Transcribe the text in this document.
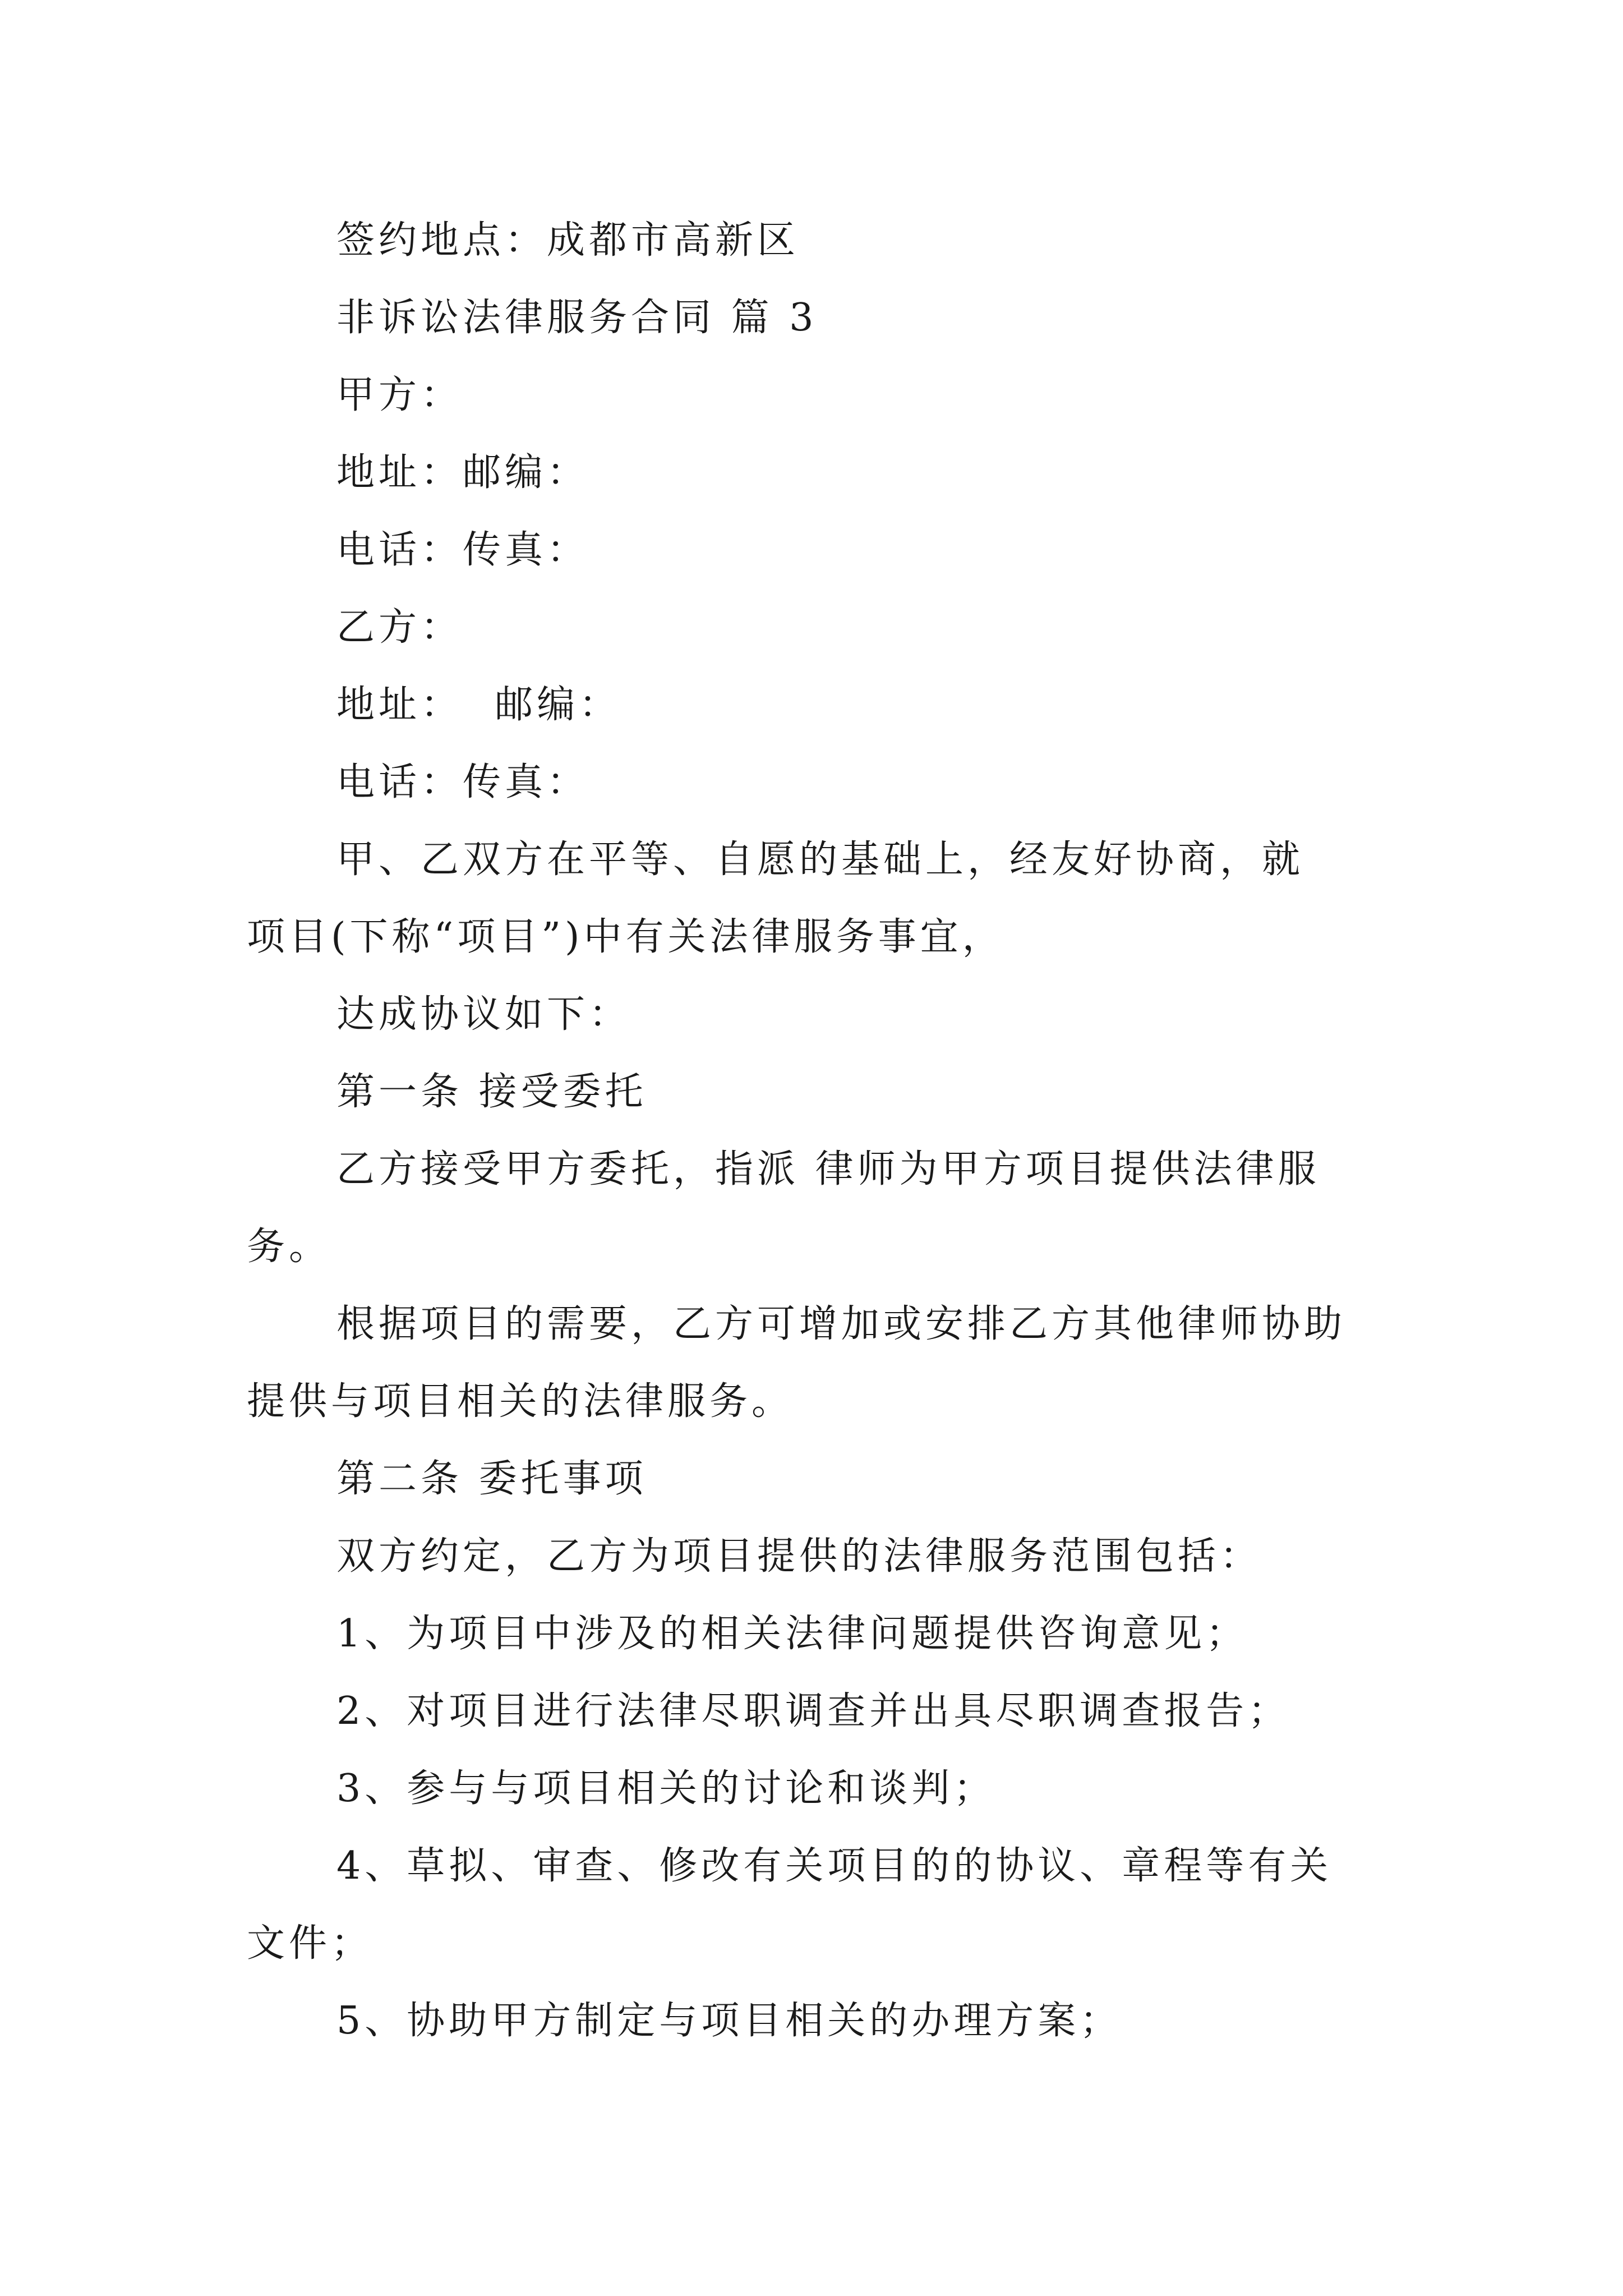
签约地点：成都市高新区
非诉讼法律服务合同 篇 3
甲方：
地址：邮编：
电话：传真：
乙方：
地址：  邮编：
电话：传真：
甲、乙双方在平等、自愿的基础上，经友好协商，就
项目(下称“项目”)中有关法律服务事宜，
达成协议如下：
第一条 接受委托
乙方接受甲方委托，指派 律师为甲方项目提供法律服
务。
根据项目的需要，乙方可增加或安排乙方其他律师协助
提供与项目相关的法律服务。
第二条 委托事项
双方约定，乙方为项目提供的法律服务范围包括：
1、为项目中涉及的相关法律问题提供咨询意见；
2、对项目进行法律尽职调查并出具尽职调查报告；
3、参与与项目相关的讨论和谈判；
4、草拟、审查、修改有关项目的的协议、章程等有关
文件；
5、协助甲方制定与项目相关的办理方案；
